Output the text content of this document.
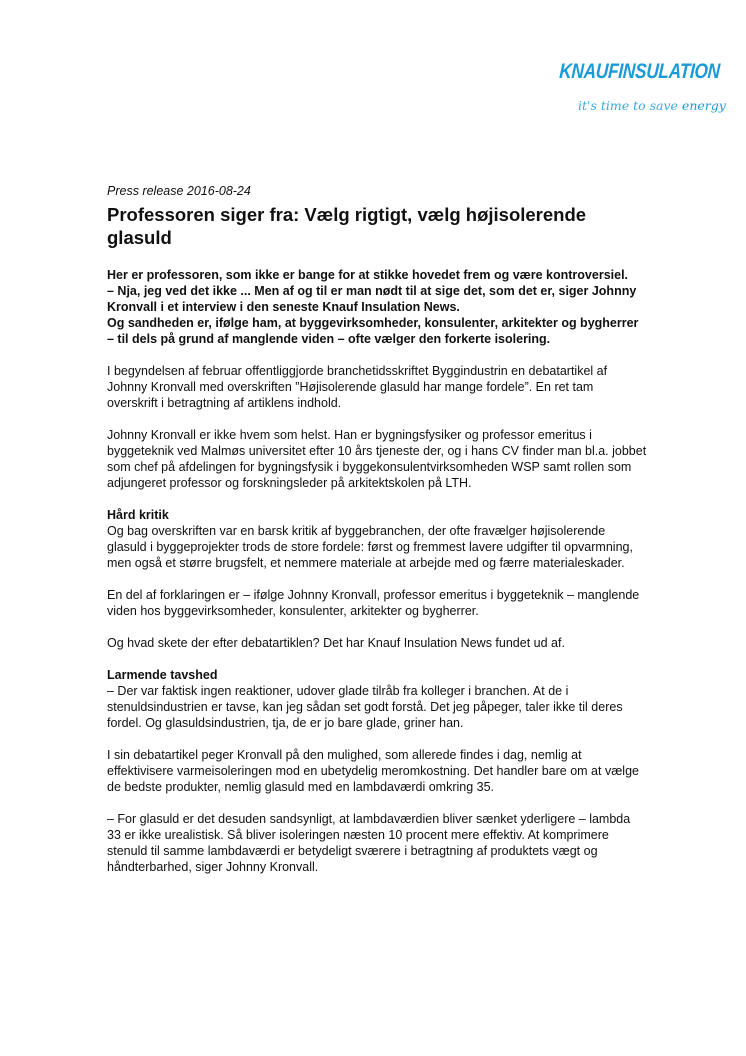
KNAUFINSULATION
it's time to save energy

Press release 2016-08-24

Professoren siger fra: Vælg rigtigt, vælg højisolerende glasuld
Her er professoren, som ikke er bange for at stikke hovedet frem og være kontroversiel.
– Nja, jeg ved det ikke ... Men af og til er man nødt til at sige det, som det er, siger Johnny Kronvall i et interview i den seneste Knauf Insulation News.
Og sandheden er, ifølge ham, at byggevirksomheder, konsulenter, arkitekter og bygherrer – til dels på grund af manglende viden – ofte vælger den forkerte isolering.

I begyndelsen af februar offentliggjorde branchetidsskriftet Byggindustrin en debatartikel af Johnny Kronvall med overskriften ”Højisolerende glasuld har mange fordele”. En ret tam overskrift i betragtning af artiklens indhold.

Johnny Kronvall er ikke hvem som helst. Han er bygningsfysiker og professor emeritus i byggeteknik ved Malmøs universitet efter 10 års tjeneste der, og i hans CV finder man bl.a. jobbet som chef på afdelingen for bygningsfysik i byggekonsulentvirksomheden WSP samt rollen som adjungeret professor og forskningsleder på arkitektskolen på LTH.

Hård kritik

Og bag overskriften var en barsk kritik af byggebranchen, der ofte fravælger højisolerende glasuld i byggeprojekter trods de store fordele: først og fremmest lavere udgifter til opvarmning, men også et større brugsfelt, et nemmere materiale at arbejde med og færre materialeskader.

En del af forklaringen er – ifølge Johnny Kronvall, professor emeritus i byggeteknik – manglende viden hos byggevirksomheder, konsulenter, arkitekter og bygherrer.

Og hvad skete der efter debatartiklen? Det har Knauf Insulation News fundet ud af.

Larmende tavshed

– Der var faktisk ingen reaktioner, udover glade tilråb fra kolleger i branchen. At de i stenuldsindustrien er tavse, kan jeg sådan set godt forstå. Det jeg påpeger, taler ikke til deres fordel. Og glasuldsindustrien, tja, de er jo bare glade, griner han.

I sin debatartikel peger Kronvall på den mulighed, som allerede findes i dag, nemlig at effektivisere varmeisoleringen mod en ubetydelig meromkostning. Det handler bare om at vælge de bedste produkter, nemlig glasuld med en lambdaværdi omkring 35.

– For glasuld er det desuden sandsynligt, at lambdaværdien bliver sænket yderligere – lambda 33 er ikke urealistisk. Så bliver isoleringen næsten 10 procent mere effektiv. At komprimere stenuld til samme lambdaværdi er betydeligt sværere i betragtning af produktets vægt og håndterbarhed, siger Johnny Kronvall.
